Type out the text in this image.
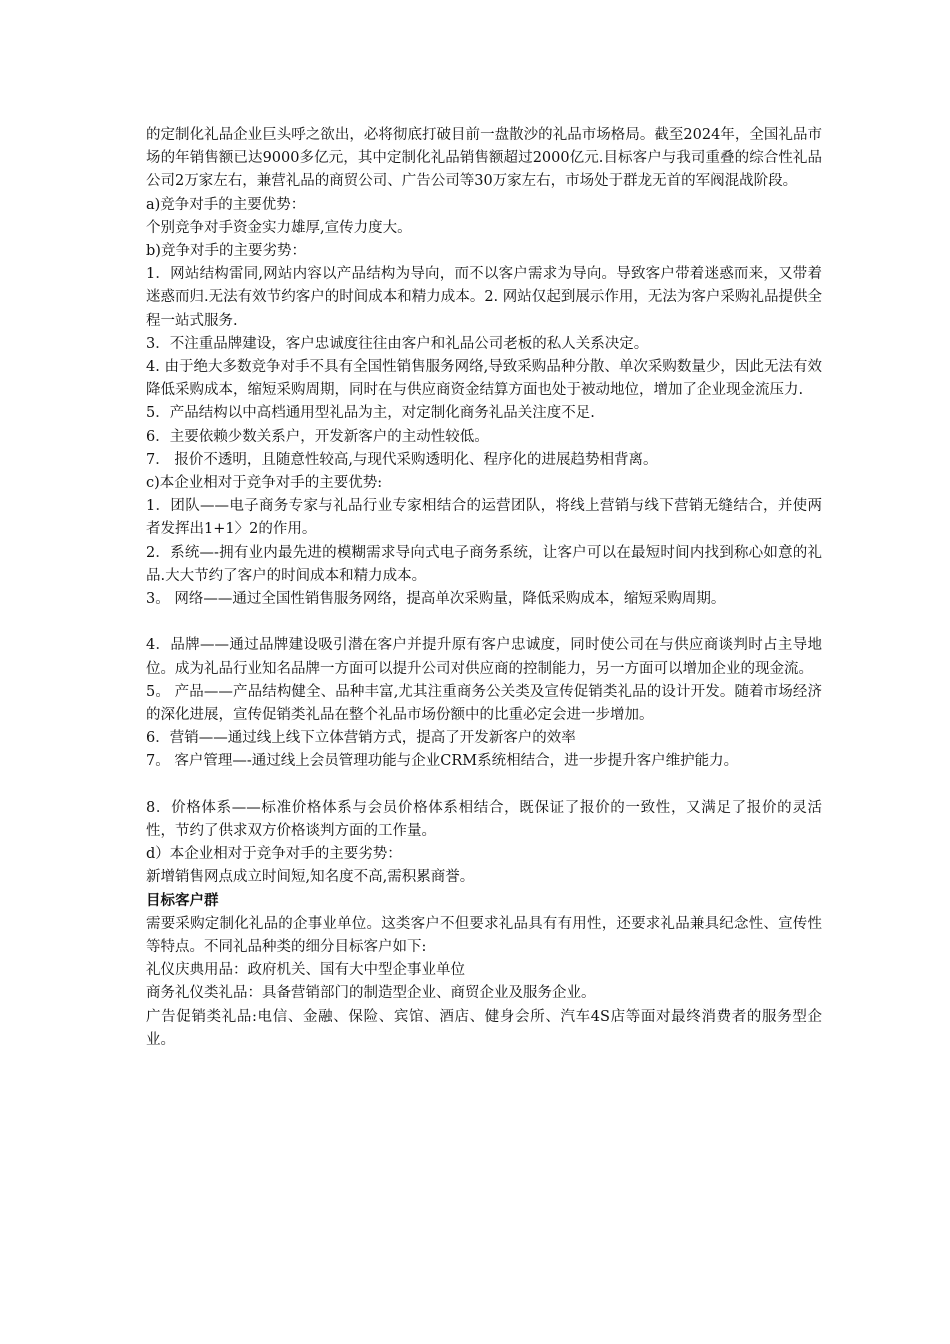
的定制化礼品企业巨头呼之欲出，必将彻底打破目前一盘散沙的礼品市场格局。截至2024年，全国礼品市场的年销售额已达9000多亿元，其中定制化礼品销售额超过2000亿元.目标客户与我司重叠的综合性礼品公司2万家左右，兼营礼品的商贸公司、广告公司等30万家左右，市场处于群龙无首的军阀混战阶段。

a)竞争对手的主要优势：

个别竞争对手资金实力雄厚,宣传力度大。

b)竞争对手的主要劣势：

1．网站结构雷同,网站内容以产品结构为导向，而不以客户需求为导向。导致客户带着迷惑而来，又带着迷惑而归.无法有效节约客户的时间成本和精力成本。2. 网站仅起到展示作用，无法为客户采购礼品提供全程一站式服务.

3．不注重品牌建设，客户忠诚度往往由客户和礼品公司老板的私人关系决定。

4. 由于绝大多数竞争对手不具有全国性销售服务网络,导致采购品种分散、单次采购数量少，因此无法有效降低采购成本，缩短采购周期，同时在与供应商资金结算方面也处于被动地位，增加了企业现金流压力.

5．产品结构以中高档通用型礼品为主，对定制化商务礼品关注度不足.

6．主要依赖少数关系户，开发新客户的主动性较低。

7． 报价不透明，且随意性较高,与现代采购透明化、程序化的进展趋势相背离。

c)本企业相对于竞争对手的主要优势:

1．团队——电子商务专家与礼品行业专家相结合的运营团队，将线上营销与线下营销无缝结合，并使两者发挥出1+1〉2的作用。

2．系统—-拥有业内最先进的模糊需求导向式电子商务系统，让客户可以在最短时间内找到称心如意的礼品.大大节约了客户的时间成本和精力成本。

3。 网络——通过全国性销售服务网络，提高单次采购量，降低采购成本，缩短采购周期。

4．品牌——通过品牌建设吸引潜在客户并提升原有客户忠诚度，同时使公司在与供应商谈判时占主导地位。成为礼品行业知名品牌一方面可以提升公司对供应商的控制能力，另一方面可以增加企业的现金流。

5。 产品——产品结构健全、品种丰富,尤其注重商务公关类及宣传促销类礼品的设计开发。随着市场经济的深化进展，宣传促销类礼品在整个礼品市场份额中的比重必定会进一步增加。

6．营销——通过线上线下立体营销方式，提高了开发新客户的效率

7。 客户管理—-通过线上会员管理功能与企业CRM系统相结合，进一步提升客户维护能力。

8．价格体系——标准价格体系与会员价格体系相结合，既保证了报价的一致性，又满足了报价的灵活性，节约了供求双方价格谈判方面的工作量。

d）本企业相对于竞争对手的主要劣势：

新增销售网点成立时间短,知名度不高,需积累商誉。

目标客户群

需要采购定制化礼品的企事业单位。这类客户不但要求礼品具有有用性，还要求礼品兼具纪念性、宣传性等特点。不同礼品种类的细分目标客户如下:

礼仪庆典用品：政府机关、国有大中型企事业单位

商务礼仪类礼品：具备营销部门的制造型企业、商贸企业及服务企业。

广告促销类礼品:电信、金融、保险、宾馆、酒店、健身会所、汽车4S店等面对最终消费者的服务型企业。
